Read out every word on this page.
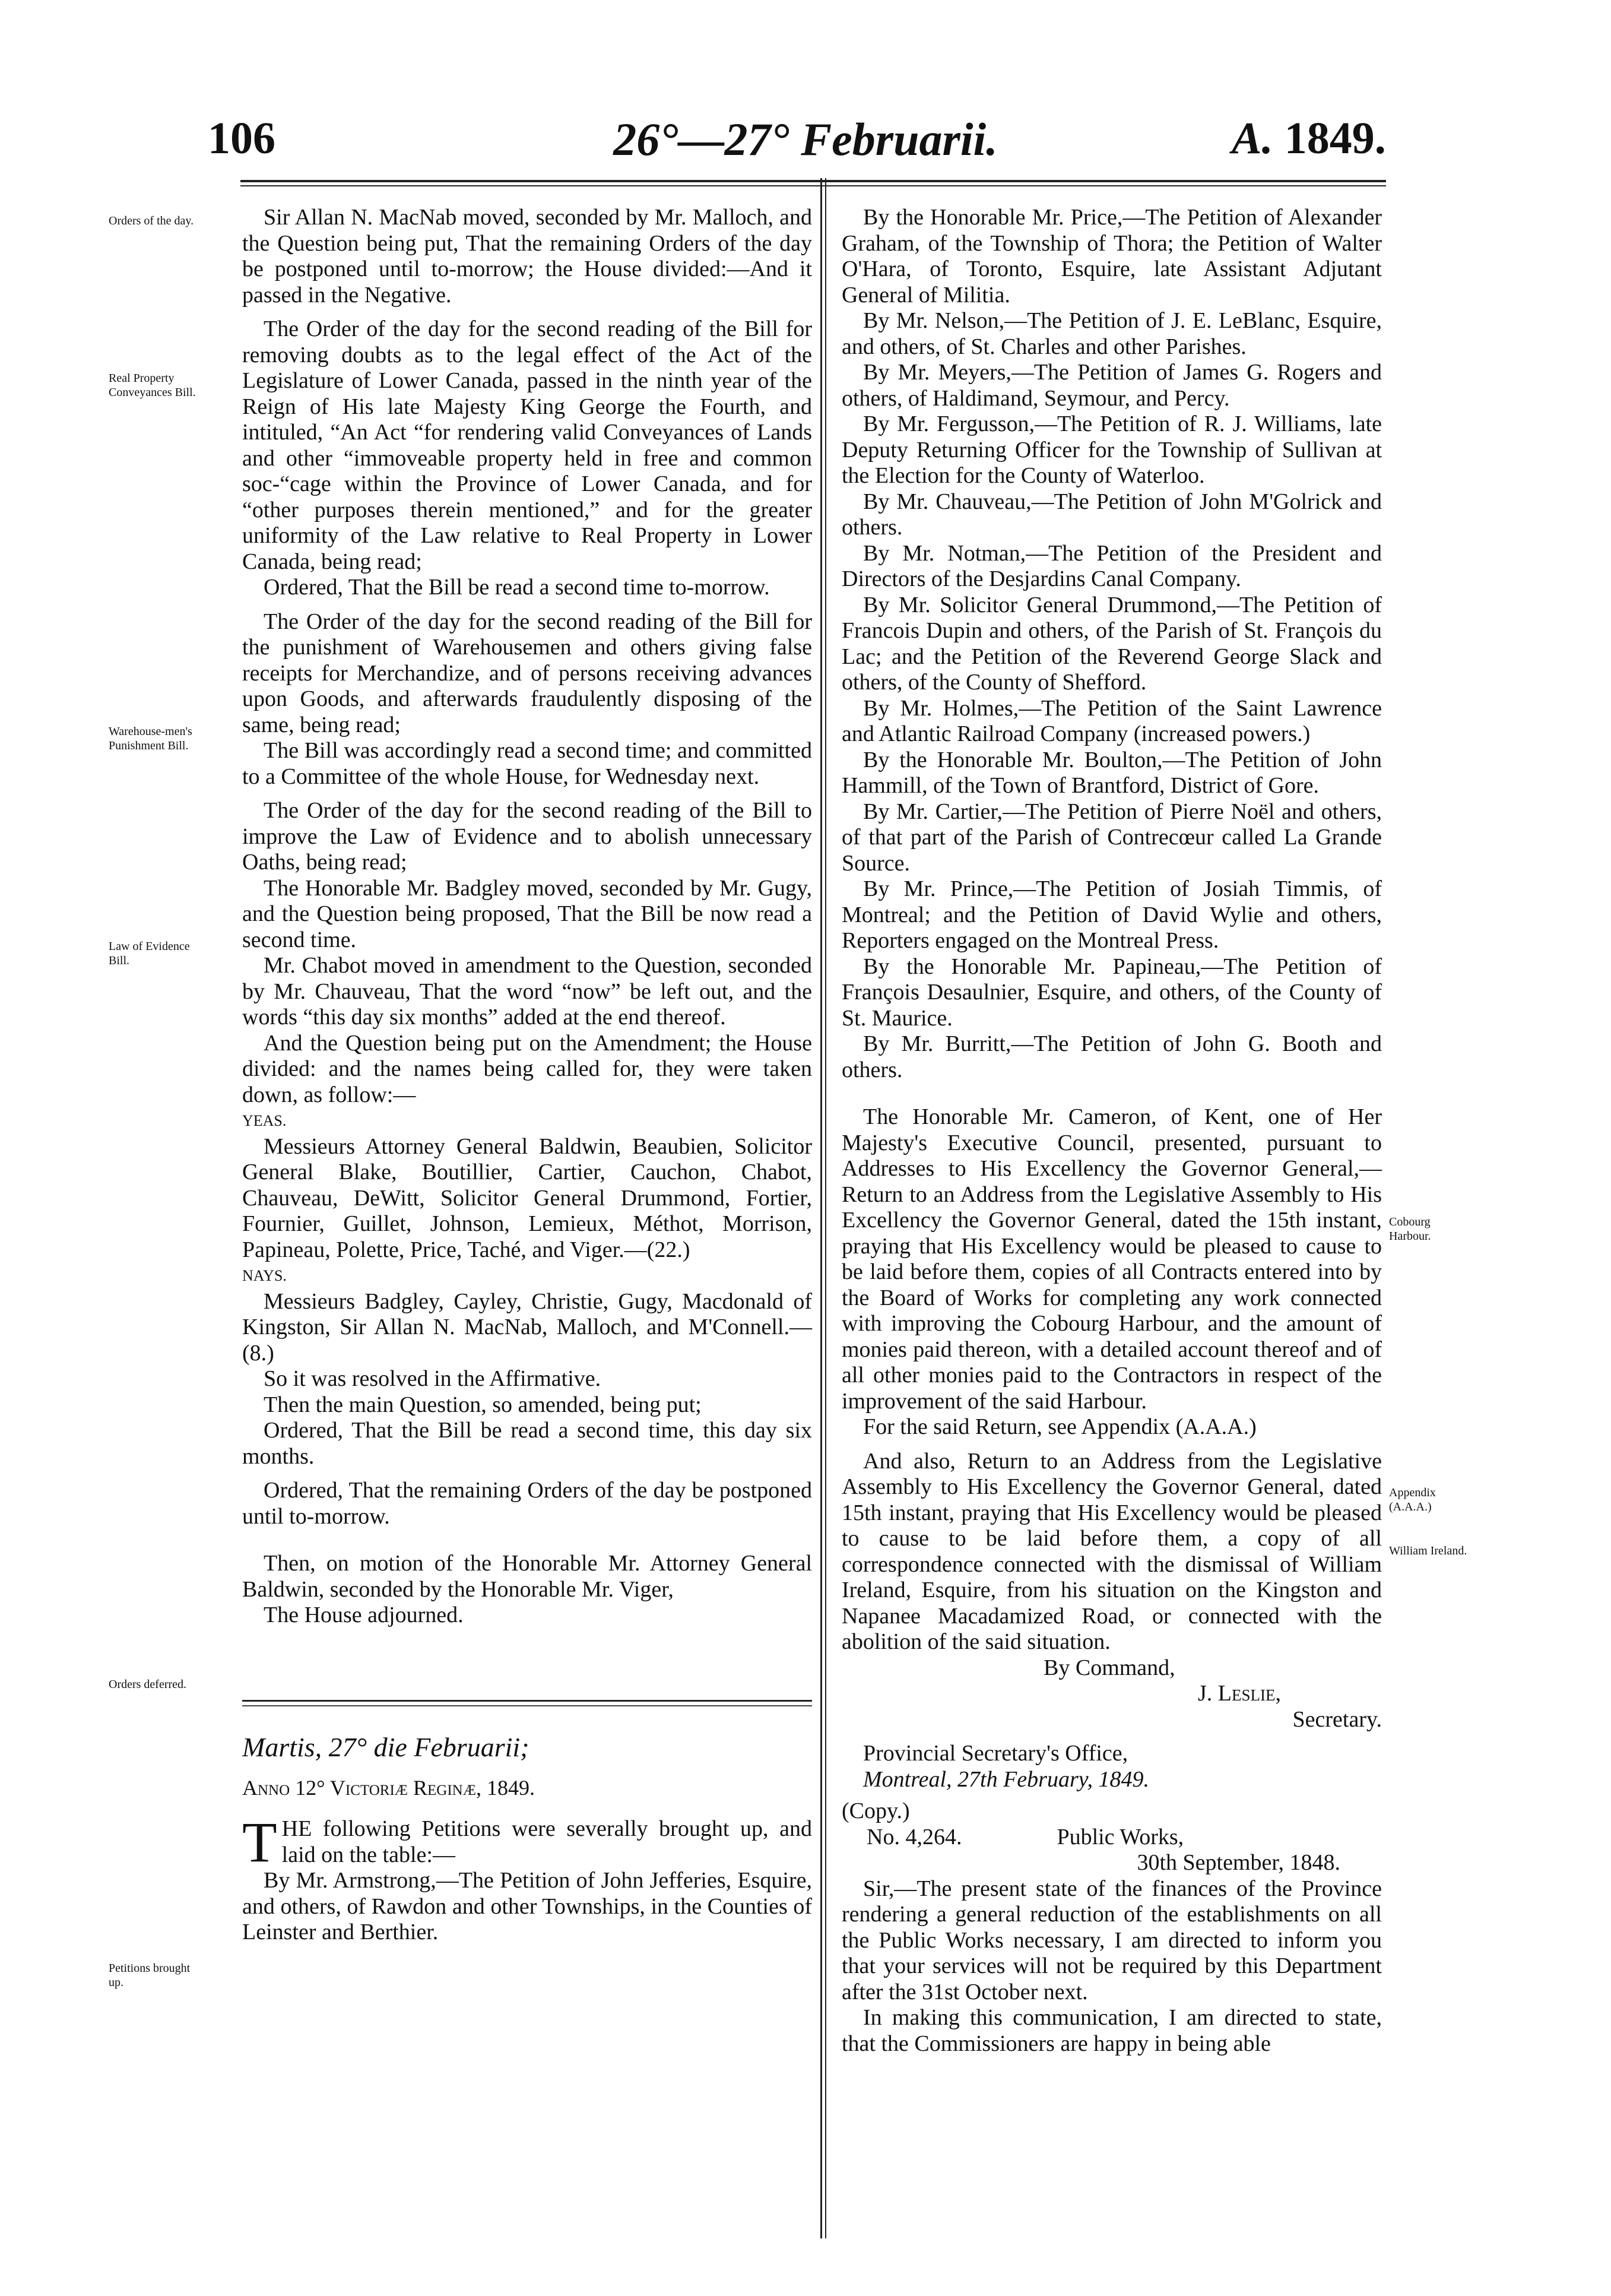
106	26°—27° Februarii.	A. 1849.
Orders of the day.
Real Property Conveyances Bill.
Warehouse-men's Punishment Bill.
Law of Evidence Bill.
Orders deferred.
Petitions brought up.
Cobourg Harbour.
Appendix (A.A.A.)
William Ireland.

Sir Allan N. MacNab moved, seconded by Mr. Malloch, and the Question being put, That the remaining Orders of the day be postponed until to-morrow; the House divided:—And it passed in the Negative.

The Order of the day for the second reading of the Bill for removing doubts as to the legal effect of the Act of the Legislature of Lower Canada, passed in the ninth year of the Reign of His late Majesty King George the Fourth, and intituled, “An Act “for rendering valid Conveyances of Lands and other “immoveable property held in free and common soc-“cage within the Province of Lower Canada, and for “other purposes therein mentioned,” and for the greater uniformity of the Law relative to Real Property in Lower Canada, being read;

Ordered, That the Bill be read a second time to-morrow.

The Order of the day for the second reading of the Bill for the punishment of Warehousemen and others giving false receipts for Merchandize, and of persons receiving advances upon Goods, and afterwards fraudulently disposing of the same, being read;

The Bill was accordingly read a second time; and committed to a Committee of the whole House, for Wednesday next.

The Order of the day for the second reading of the Bill to improve the Law of Evidence and to abolish unnecessary Oaths, being read;

The Honorable Mr. Badgley moved, seconded by Mr. Gugy, and the Question being proposed, That the Bill be now read a second time.

Mr. Chabot moved in amendment to the Question, seconded by Mr. Chauveau, That the word “now” be left out, and the words “this day six months” added at the end thereof.

And the Question being put on the Amendment; the House divided: and the names being called for, they were taken down, as follow:—

YEAS.

Messieurs Attorney General Baldwin, Beaubien, Solicitor General Blake, Boutillier, Cartier, Cauchon, Chabot, Chauveau, DeWitt, Solicitor General Drummond, Fortier, Fournier, Guillet, Johnson, Lemieux, Méthot, Morrison, Papineau, Polette, Price, Taché, and Viger.—(22.)

NAYS.

Messieurs Badgley, Cayley, Christie, Gugy, Macdonald of Kingston, Sir Allan N. MacNab, Malloch, and M'Connell.—(8.)

So it was resolved in the Affirmative.

Then the main Question, so amended, being put;

Ordered, That the Bill be read a second time, this day six months.

Ordered, That the remaining Orders of the day be postponed until to-morrow.

Then, on motion of the Honorable Mr. Attorney General Baldwin, seconded by the Honorable Mr. Viger,

The House adjourned.

Martis, 27° die Februarii;

Anno 12° Victoriæ Reginæ, 1849.

THE following Petitions were severally brought up, and laid on the table:—

By Mr. Armstrong,—The Petition of John Jefferies, Esquire, and others, of Rawdon and other Townships, in the Counties of Leinster and Berthier.

By the Honorable Mr. Price,—The Petition of Alexander Graham, of the Township of Thora; the Petition of Walter O'Hara, of Toronto, Esquire, late Assistant Adjutant General of Militia.

By Mr. Nelson,—The Petition of J. E. LeBlanc, Esquire, and others, of St. Charles and other Parishes.

By Mr. Meyers,—The Petition of James G. Rogers and others, of Haldimand, Seymour, and Percy.

By Mr. Fergusson,—The Petition of R. J. Williams, late Deputy Returning Officer for the Township of Sullivan at the Election for the County of Waterloo.

By Mr. Chauveau,—The Petition of John M'Golrick and others.

By Mr. Notman,—The Petition of the President and Directors of the Desjardins Canal Company.

By Mr. Solicitor General Drummond,—The Petition of Francois Dupin and others, of the Parish of St. François du Lac; and the Petition of the Reverend George Slack and others, of the County of Shefford.

By Mr. Holmes,—The Petition of the Saint Lawrence and Atlantic Railroad Company (increased powers.)

By the Honorable Mr. Boulton,—The Petition of John Hammill, of the Town of Brantford, District of Gore.

By Mr. Cartier,—The Petition of Pierre Noël and others, of that part of the Parish of Contrecœur called La Grande Source.

By Mr. Prince,—The Petition of Josiah Timmis, of Montreal; and the Petition of David Wylie and others, Reporters engaged on the Montreal Press.

By the Honorable Mr. Papineau,—The Petition of François Desaulnier, Esquire, and others, of the County of St. Maurice.

By Mr. Burritt,—The Petition of John G. Booth and others.

The Honorable Mr. Cameron, of Kent, one of Her Majesty's Executive Council, presented, pursuant to Addresses to His Excellency the Governor General,—Return to an Address from the Legislative Assembly to His Excellency the Governor General, dated the 15th instant, praying that His Excellency would be pleased to cause to be laid before them, copies of all Contracts entered into by the Board of Works for completing any work connected with improving the Cobourg Harbour, and the amount of monies paid thereon, with a detailed account thereof and of all other monies paid to the Contractors in respect of the improvement of the said Harbour.

For the said Return, see Appendix (A.A.A.)

And also, Return to an Address from the Legislative Assembly to His Excellency the Governor General, dated 15th instant, praying that His Excellency would be pleased to cause to be laid before them, a copy of all correspondence connected with the dismissal of William Ireland, Esquire, from his situation on the Kingston and Napanee Macadamized Road, or connected with the abolition of the said situation.

By Command,

J. Leslie,

Secretary.

Provincial Secretary's Office,

Montreal, 27th February, 1849.

(Copy.)

No. 4,264.	Public Works,

30th September, 1848.

Sir,—The present state of the finances of the Province rendering a general reduction of the establishments on all the Public Works necessary, I am directed to inform you that your services will not be required by this Department after the 31st October next.

In making this communication, I am directed to state, that the Commissioners are happy in being able
